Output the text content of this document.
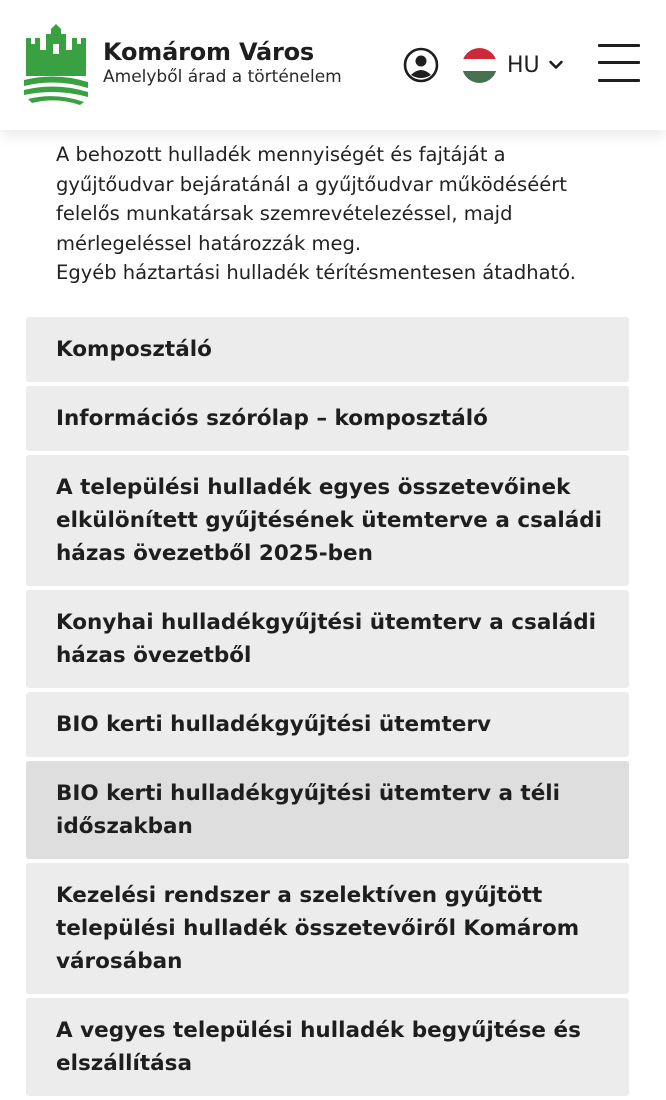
Komárom Város
Amelyből árad a történelem	HU

A behozott hulladék mennyiségét és fajtáját a
gyűjtőudvar bejáratánál a gyűjtőudvar működéséért
felelős munkatársak szemrevételezéssel, majd
mérlegeléssel határozzák meg.
Egyéb háztartási hulladék térítésmentesen átadható.

Komposztáló
Információs szórólap – komposztáló
A települési hulladék egyes összetevőinek elkülönített gyűjtésének ütemterve a családi házas övezetből 2025-ben
Konyhai hulladékgyűjtési ütemterv a családi házas övezetből
BIO kerti hulladékgyűjtési ütemterv
BIO kerti hulladékgyűjtési ütemterv a téli időszakban
Kezelési rendszer a szelektíven gyűjtött települési hulladék összetevőiről Komárom városában
A vegyes települési hulladék begyűjtése és elszállítása
